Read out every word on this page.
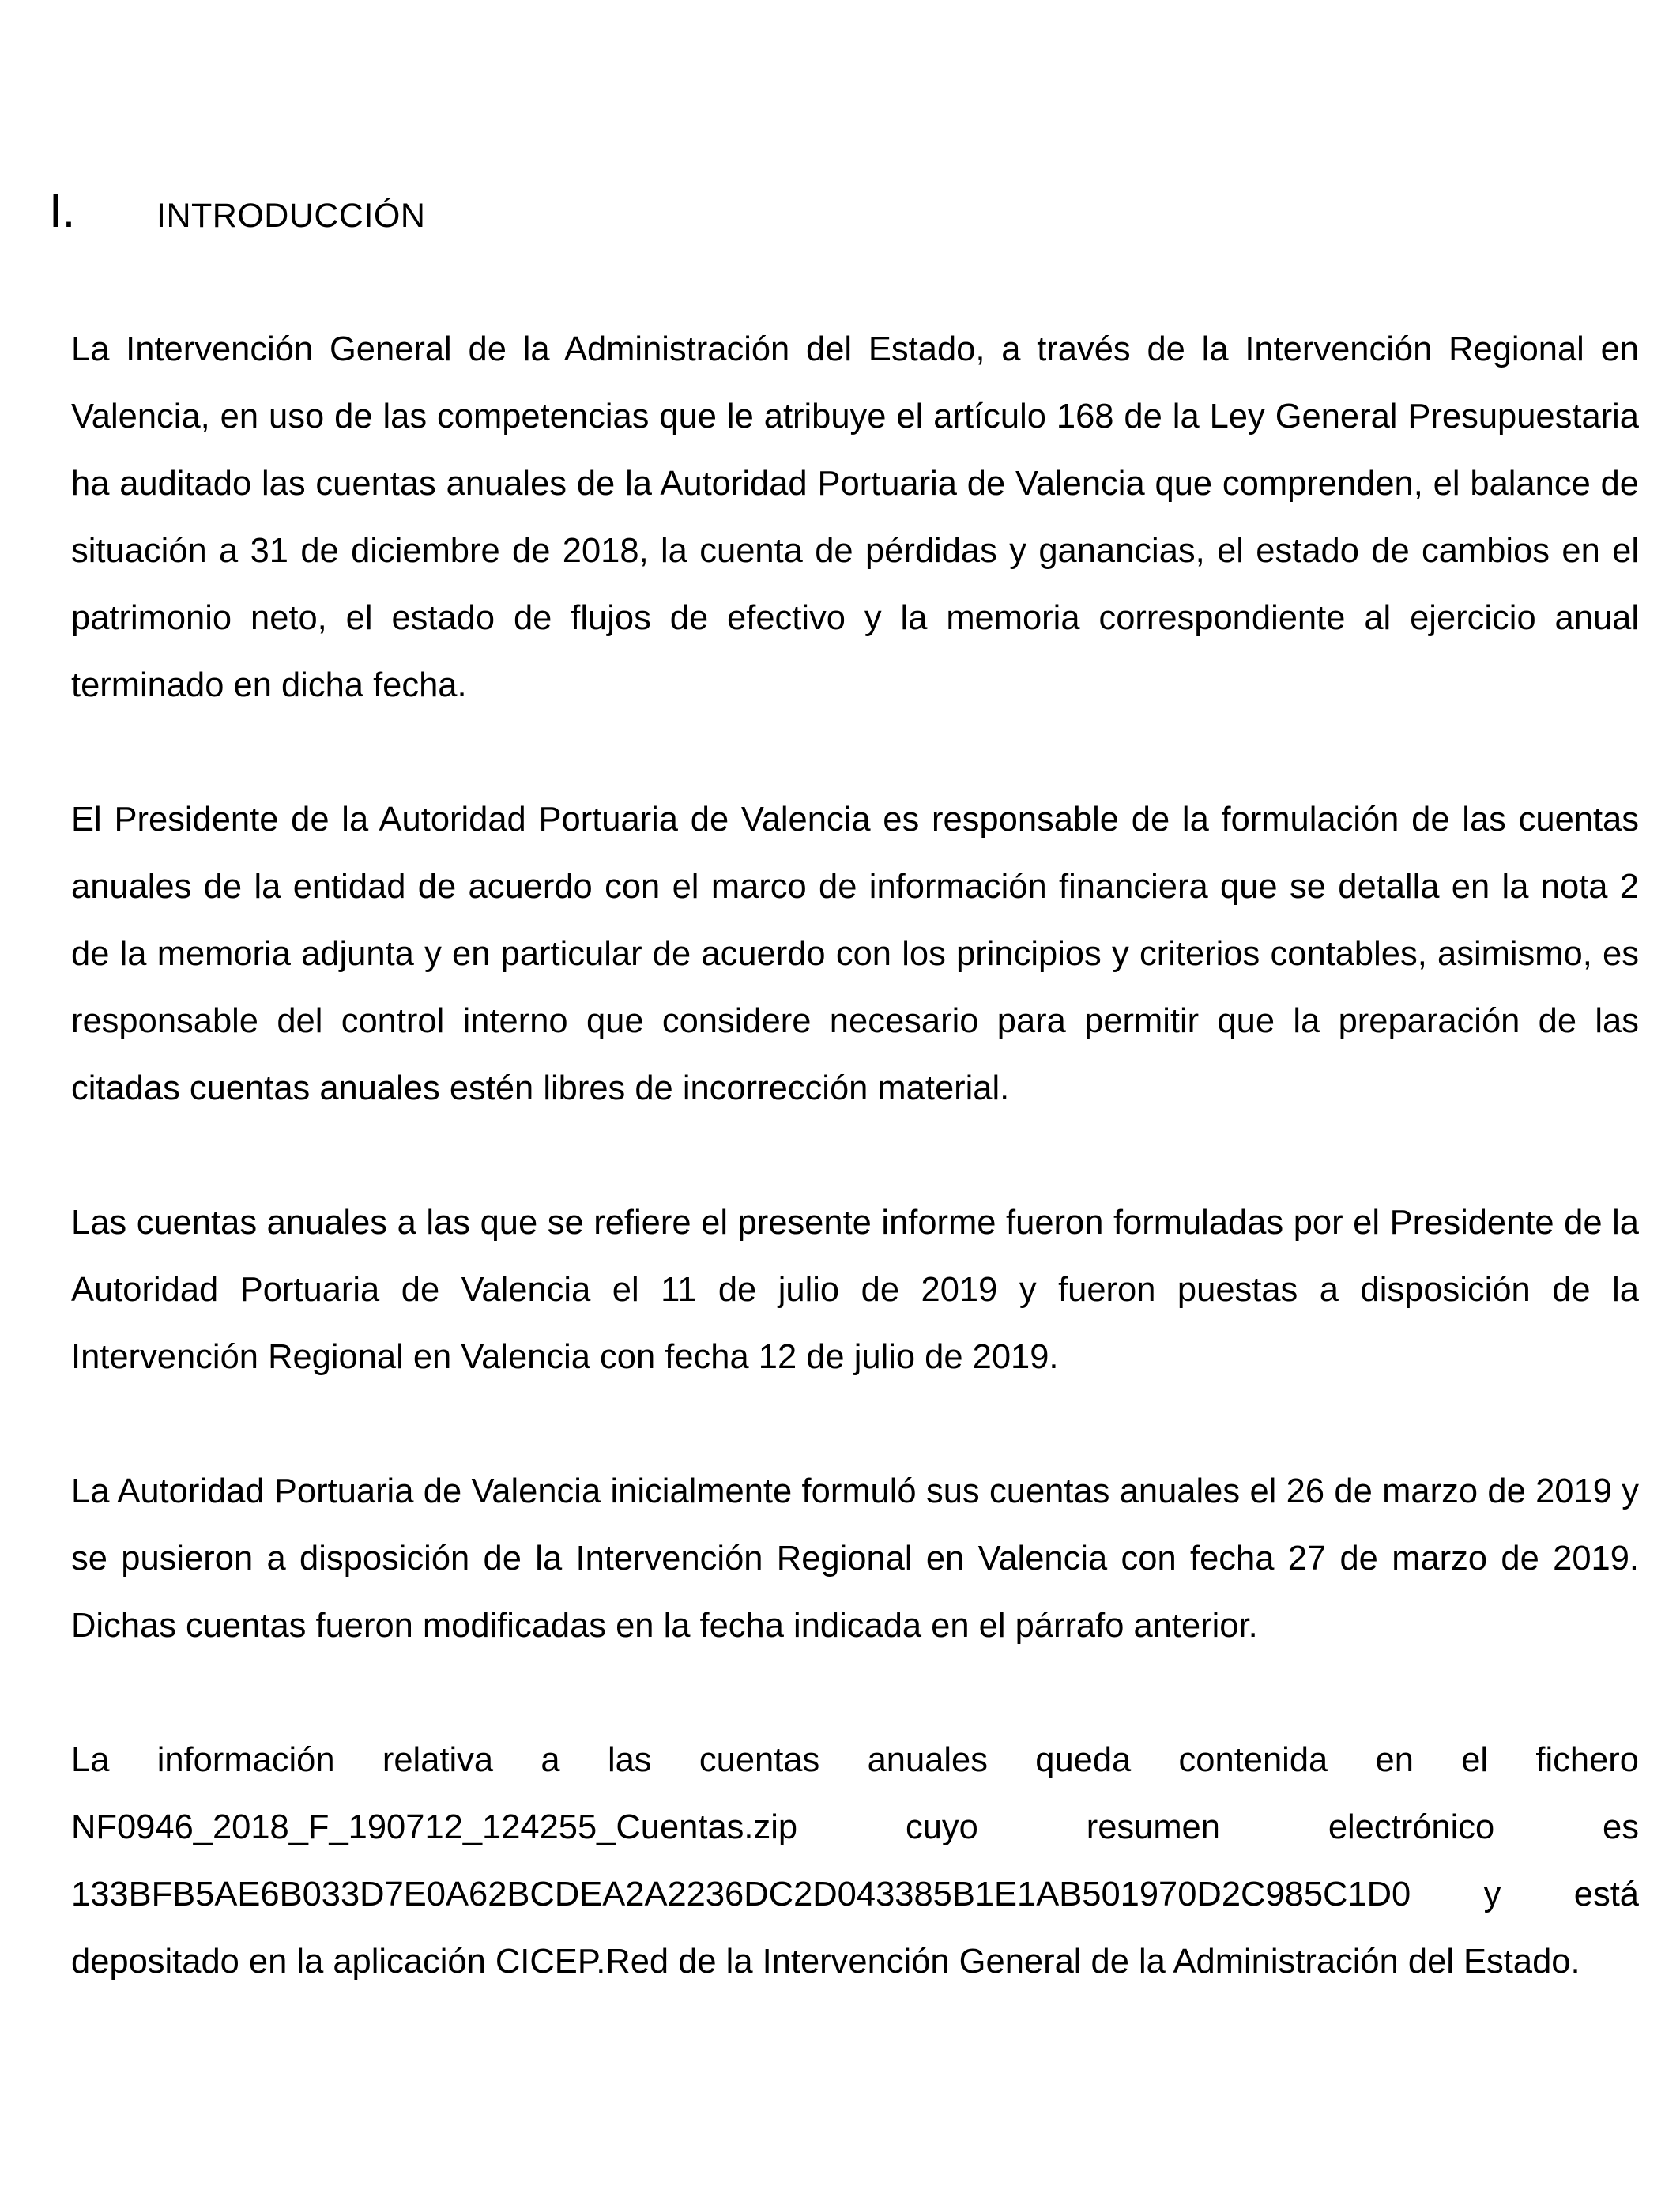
I.	INTRODUCCIÓN

La Intervención General de la Administración del Estado, a través de la Intervención Regional en Valencia, en uso de las competencias que le atribuye el artículo 168 de la Ley General Presupuestaria ha auditado las cuentas anuales de la Autoridad Portuaria de Valencia que comprenden, el balance de situación a 31 de diciembre de 2018, la cuenta de pérdidas y ganancias, el estado de cambios en el patrimonio neto, el estado de flujos de efectivo y la memoria correspondiente al ejercicio anual terminado en dicha fecha.

El Presidente de la Autoridad Portuaria de Valencia es responsable de la formulación de las cuentas anuales de la entidad de acuerdo con el marco de información financiera que se detalla en la nota 2 de la memoria adjunta y en particular de acuerdo con los principios y criterios contables, asimismo, es responsable del control interno que considere necesario para permitir que la preparación de las citadas cuentas anuales estén libres de incorrección material.

Las cuentas anuales a las que se refiere el presente informe fueron formuladas por el Presidente de la Autoridad Portuaria de Valencia el 11 de julio de 2019 y fueron puestas a disposición de la Intervención Regional en Valencia con fecha 12 de julio de 2019.

La Autoridad Portuaria de Valencia inicialmente formuló sus cuentas anuales el 26 de marzo de 2019 y se pusieron a disposición de la Intervención Regional en Valencia con fecha 27 de marzo de 2019. Dichas cuentas fueron modificadas en la fecha indicada en el párrafo anterior.

La información relativa a las cuentas anuales queda contenida en el fichero NF0946_2018_F_190712_124255_Cuentas.zip cuyo resumen electrónico es 133BFB5AE6B033D7E0A62BCDEA2A2236DC2D043385B1E1AB501970D2C985C1D0 y está depositado en la aplicación CICEP.Red de la Intervención General de la Administración del Estado.
